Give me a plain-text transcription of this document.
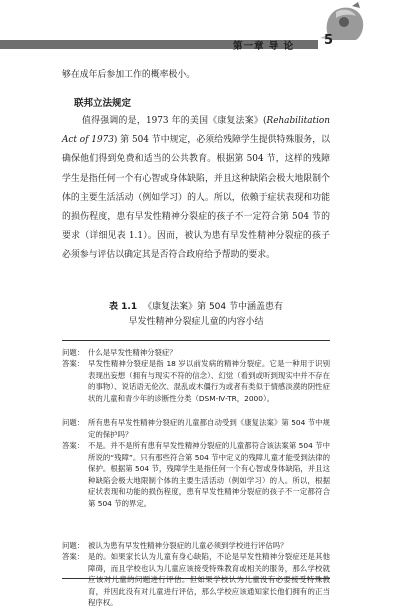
第一章 导 论 5

够在成年后参加工作的概率极小。

联邦立法规定

值得强调的是，1973 年的美国《康复法案》(Rehabilitation Act of 1973) 第 504 节中规定，必须给残障学生提供特殊服务，以确保他们得到免费和适当的公共教育。根据第 504 节，这样的残障学生是指任何一个有心智或身体缺陷，并且这种缺陷会极大地限制个体的主要生活活动（例如学习）的人。所以，依赖于症状表现和功能的损伤程度，患有早发性精神分裂症的孩子不一定符合第 504 节的要求（详细见表 1.1）。因而，被认为患有早发性精神分裂症的孩子必须参与评估以确定其是否符合政府给予帮助的要求。

表 1.1 《康复法案》第 504 节中涵盖患有
早发性精神分裂症儿童的内容小结
问题： 什么是早发性精神分裂症？
答案： 早发性精神分裂症是指 18 岁以前发病的精神分裂症。它是一种用于识别表现出妄想（拥有与现实不符的信念）、幻觉（看到或听到现实中并不存在的事物）、说话语无伦次、混乱或木僵行为或者有类似于情感淡漠的阴性症状的儿童和青少年的诊断性分类（DSM-Ⅳ-TR，2000）。
问题： 所有患有早发性精神分裂症的儿童都自动受到《康复法案》第 504 节中规定的保护吗？
答案： 不是。并不是所有患有早发性精神分裂症的儿童都符合该法案第 504 节中所说的“残障”。只有那些符合第 504 节中定义的残障儿童才能受到法律的保护。根据第 504 节，残障学生是指任何一个有心智或身体缺陷，并且这种缺陷会极大地限制个体的主要生活活动（例如学习）的人。所以，根据症状表现和功能的损伤程度，患有早发性精神分裂症的孩子不一定都符合第 504 节的界定。
问题： 被认为患有早发性精神分裂症的儿童必须到学校进行评估吗？
答案： 是的。如果家长认为儿童有身心缺陷，不论是早发性精神分裂症还是其他障碍，而且学校也认为儿童应该接受特殊教育或相关的服务，那么学校就应该对儿童的问题进行评估。但如果学校认为儿童没有必要接受特殊教育，并因此没有对儿童进行评估，那么学校应该通知家长他们拥有的正当程序权。
